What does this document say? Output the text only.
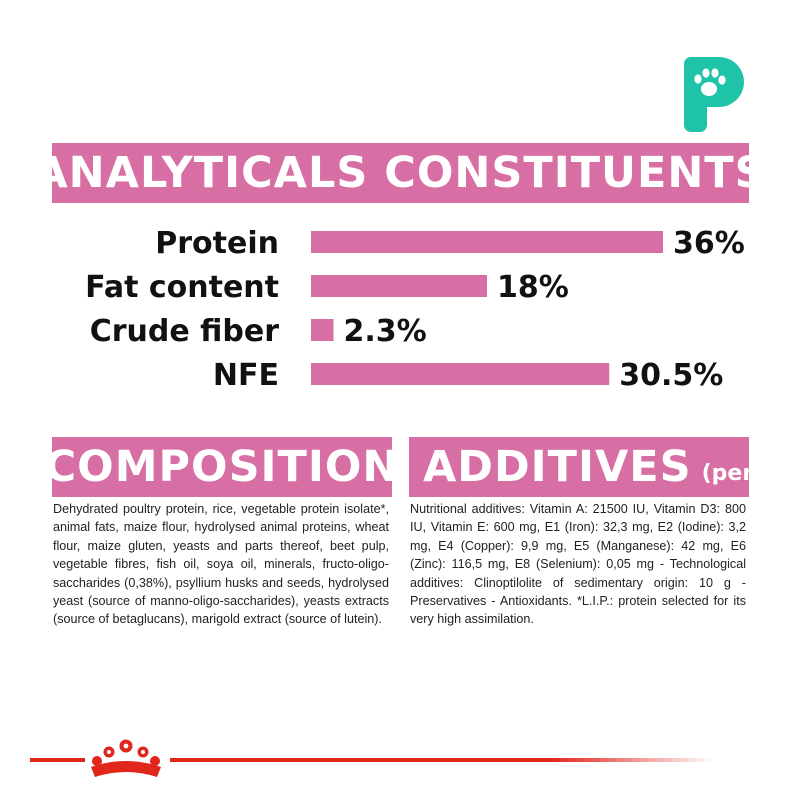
ANALYTICALS CONSTITUENTS
Protein	36%
Fat content	18%
Crude fiber 2.3%
NFE	30.5%
COMPOSITION

Dehydrated poultry protein, rice, vegetable protein isolate*, animal fats, maize flour, hydrolysed animal proteins, wheat flour, maize gluten, yeasts and parts thereof, beet pulp, vegetable fibres, fish oil, soya oil, minerals, fructo-oligo- saccharides (0,38%), psyllium husks and seeds, hydrolysed yeast (source of manno-oligo-saccharides), yeasts extracts (source of betaglucans), marigold extract (source of lutein).

ADDITIVES (per kg)

Nutritional additives: Vitamin A: 21500 IU, Vitamin D3: 800 IU, Vitamin E: 600 mg, E1 (Iron): 32,3 mg, E2 (Iodine): 3,2 mg, E4 (Copper): 9,9 mg, E5 (Manganese): 42 mg, E6 (Zinc): 116,5 mg, E8 (Selenium): 0,05 mg - Technological additives: Clinoptilolite of sedimentary origin: 10 g - Preservatives - Antioxidants. *L.I.P.: protein selected for its very high assimilation.
